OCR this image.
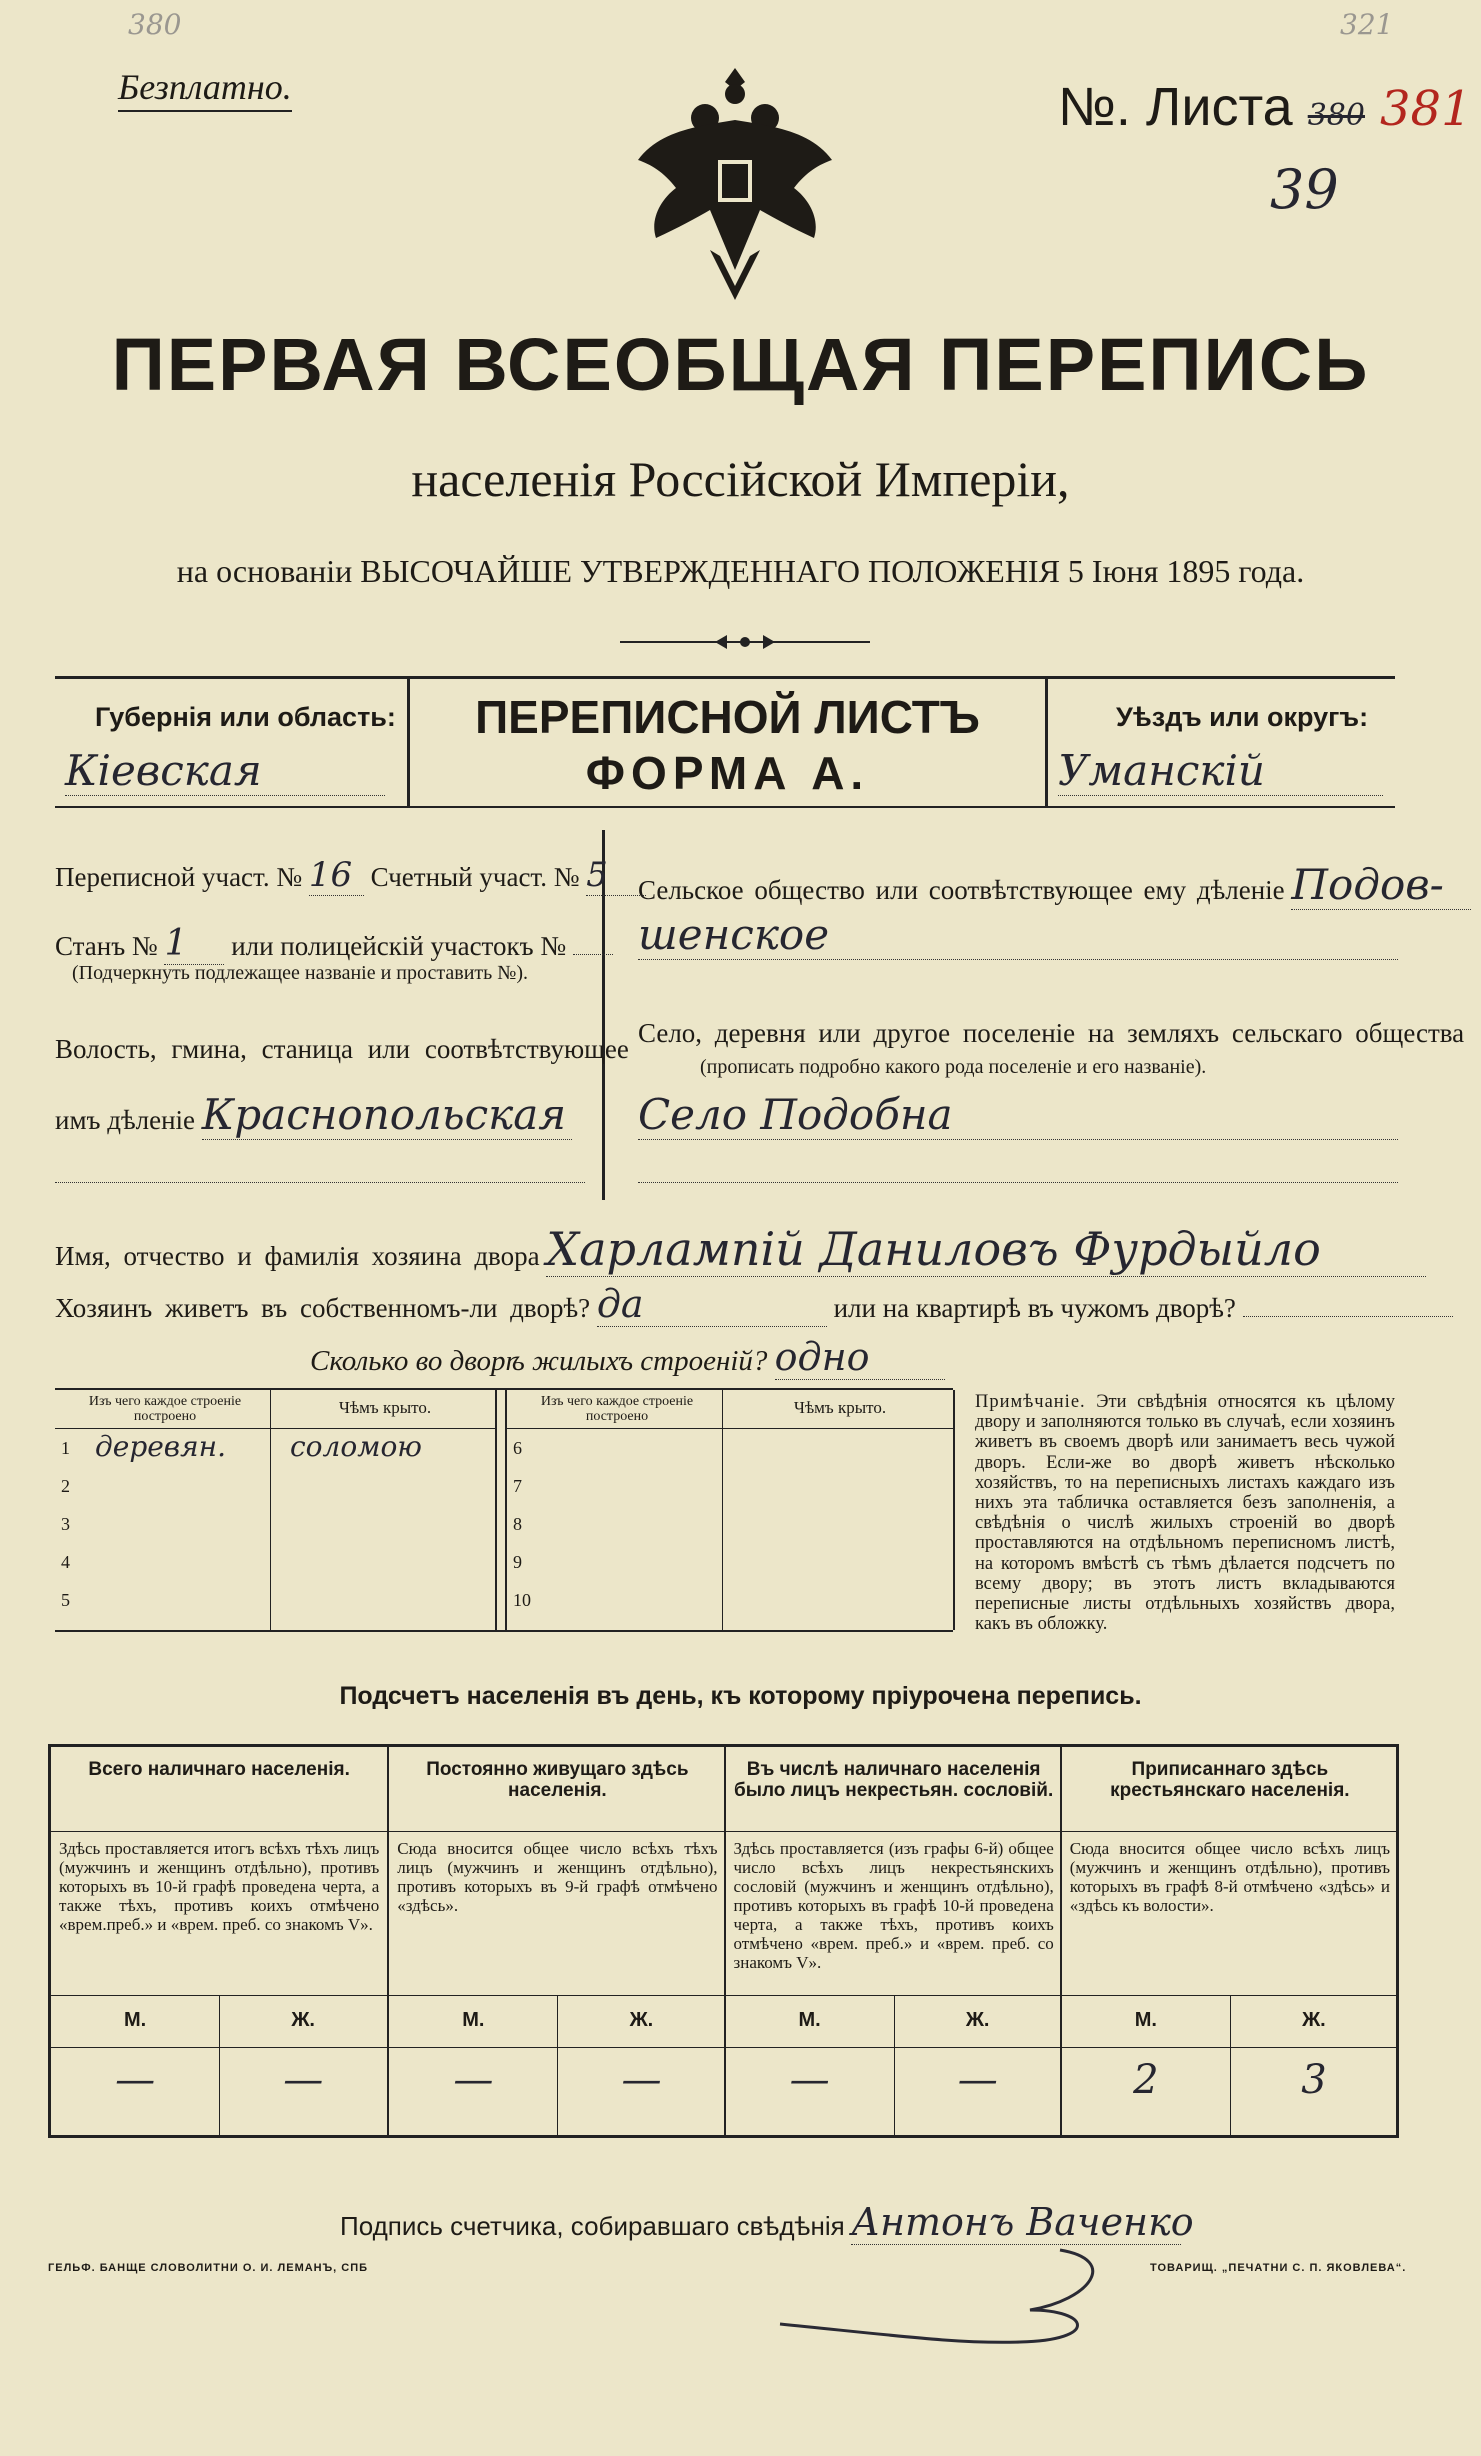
380	321
Безплатно.	№. Листа 380 381
39
ПЕРВАЯ ВСЕОБЩАЯ ПЕРЕПИСЬ
населенія Россійской Имперіи,
на основаніи ВЫСОЧАЙШЕ УТВЕРЖДЕННАГО ПОЛОЖЕНІЯ 5 Іюня 1895 года.
Губернія или область:
Кіевская
ПЕРЕПИСНОЙ ЛИСТЪ
ФОРМА А.
Уѣздъ или округъ:
Уманскій
Переписной участ. № 16 Счетный участ. № 5
Станъ № 1 или полицейскій участокъ №
(Подчеркнуть подлежащее названіе и проставить №).
Волость, гмина, станица или соотвѣтствующее
имъ дѣленіе Краснопольская
Сельское общество или соотвѣтствующее ему дѣленіе Подов-
шенское
Село, деревня или другое поселеніе на земляхъ сельскаго общества
(прописать подробно какого рода поселеніе и его названіе).
Село Подобна
Имя, отчество и фамилія хозяина двора Харлампій Даниловъ Фурдыйло
Хозяинъ живетъ въ собственномъ-ли дворѣ? да	или на квартирѣ въ чужомъ дворѣ?
Сколько во дворѣ жилыхъ строеній? одно
Изъ чего каждое строеніе построено	Чѣмъ крыто.
1 деревян. соломою
2
3
4
5
Изъ чего каждое строеніе построено	Чѣмъ крыто.
6
7
8
9
10
Примѣчаніе. Эти свѣдѣнія относятся къ цѣлому двору и заполняются только въ случаѣ, если хозяинъ живетъ въ своемъ дворѣ или занимаетъ весь чужой дворъ. Если-же во дворѣ живетъ нѣсколько хозяйствъ, то на переписныхъ листахъ каждаго изъ нихъ эта табличка оставляется безъ заполненія, а свѣдѣнія о числѣ жилыхъ строеній во дворѣ проставляются на отдѣльномъ переписномъ листѣ, на которомъ вмѣстѣ съ тѣмъ дѣлается подсчетъ по всему двору; въ этотъ листъ вкладываются переписные листы отдѣльныхъ хозяйствъ двора, какъ въ обложку.
Подсчетъ населенія въ день, къ которому пріурочена перепись.
Всего наличнаго населенія.
Здѣсь проставляется итогъ всѣхъ тѣхъ лицъ (мужчинъ и женщинъ отдѣльно), противъ которыхъ въ 10-й графѣ проведена черта, а также тѣхъ, противъ коихъ отмѣчено «врем.преб.» и «врем. преб. со знакомъ V».
М.	Ж.
—	—
Постоянно живущаго здѣсь населенія.
Сюда вносится общее число всѣхъ тѣхъ лицъ (мужчинъ и женщинъ отдѣльно), противъ которыхъ въ 9-й графѣ отмѣчено «здѣсь».
М.	Ж.
—	—
Въ числѣ наличнаго населенія было лицъ некрестьян. сословій.
Здѣсь проставляется (изъ графы 6-й) общее число всѣхъ лицъ некрестьянскихъ сословій (мужчинъ и женщинъ отдѣльно), противъ которыхъ въ графѣ 10-й проведена черта, а также тѣхъ, противъ коихъ отмѣчено «врем. преб.» и «врем. преб. со знакомъ V».
М.	Ж.
—	—
Приписаннаго здѣсь крестьянскаго населенія.
Сюда вносится общее число всѣхъ лицъ (мужчинъ и женщинъ отдѣльно), противъ которыхъ въ графѣ 8-й отмѣчено «здѣсь» и «здѣсь къ волости».
М.	Ж.
2	3
Подпись счетчика, собиравшаго свѣдѣнія Антонъ Ваченко
ГЕЛЬФ. БАНЩЕ СЛОВОЛИТНИ О. И. ЛЕМАНЪ, СПБ	ТОВАРИЩ. „ПЕЧАТНИ С. П. ЯКОВЛЕВА“.
